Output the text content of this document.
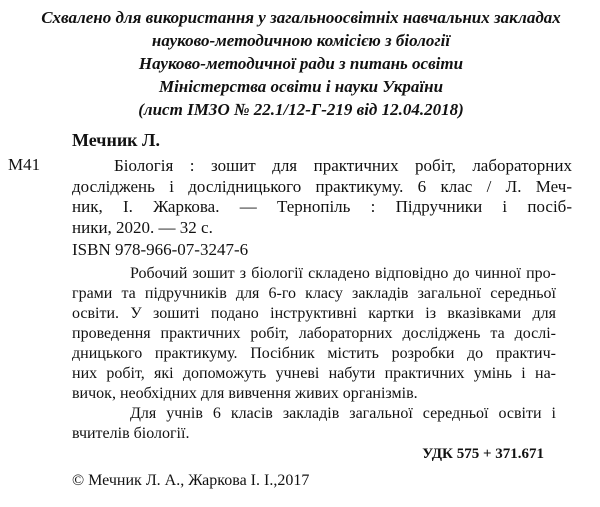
Схвалено для використання у загальноосвітніх навчальних закладах
науково-методичною комісією з біології
Науково-методичної ради з питань освіти
Міністерства освіти і науки України
(лист ІМЗО № 22.1/12-Г-219 від 12.04.2018)
Мечник Л.
М41	Біологія : зошит для практичних робіт, лабораторних
досліджень і дослідницького практикуму. 6 клас / Л. Меч-
ник, І. Жаркова. — Тернопіль : Підручники і посіб-
ники, 2020. — 32 с.
ISBN 978-966-07-3247-6
Робочий зошит з біології складено відповідно до чинної про-
грами та підручників для 6-го класу закладів загальної середньої
освіти. У зошиті подано інструктивні картки із вказівками для
проведення практичних робіт, лабораторних досліджень та дослі-
дницького практикуму. Посібник містить розробки до практич-
них робіт, які допоможуть учневі набути практичних умінь і на-
вичок, необхідних для вивчення живих організмів.
Для учнів 6 класів закладів загальної середньої освіти і
вчителів біології.
УДК 575 + 371.671
© Мечник Л. А., Жаркова І. І.,2017
